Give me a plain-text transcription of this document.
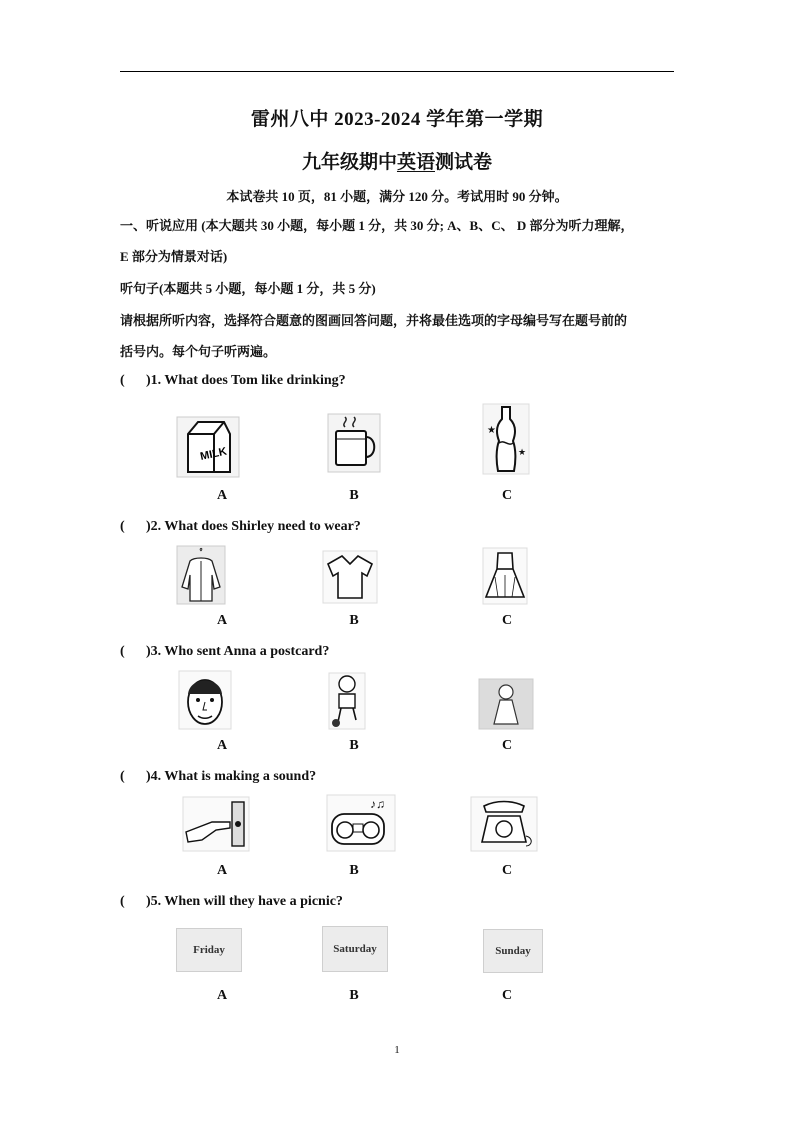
雷州八中 2023-2024 学年第一学期
九年级期中英语测试卷
本试卷共 10 页，81 小题，满分 120 分。考试用时 90 分钟。
一、听说应用 (本大题共 30 小题，每小题 1 分，共 30 分; A、B、C、 D 部分为听力理解，
E 部分为情景对话)
听句子(本题共 5 小题，每小题 1 分，共 5 分)
请根据所听内容，选择符合题意的图画回答问题，并将最佳选项的字母编号写在题号前的
括号内。每个句子听两遍。
( )1. What does Tom like drinking?
MILK
★
★
A	B	C
( )2. What does Shirley need to wear?
A	B	C
( )3. Who sent Anna a postcard?
A	B	C
( )4. What is making a sound?
♪♫
A	B	C
( )5. When will they have a picnic?
Friday	Saturday	Sunday
A	B	C
1
